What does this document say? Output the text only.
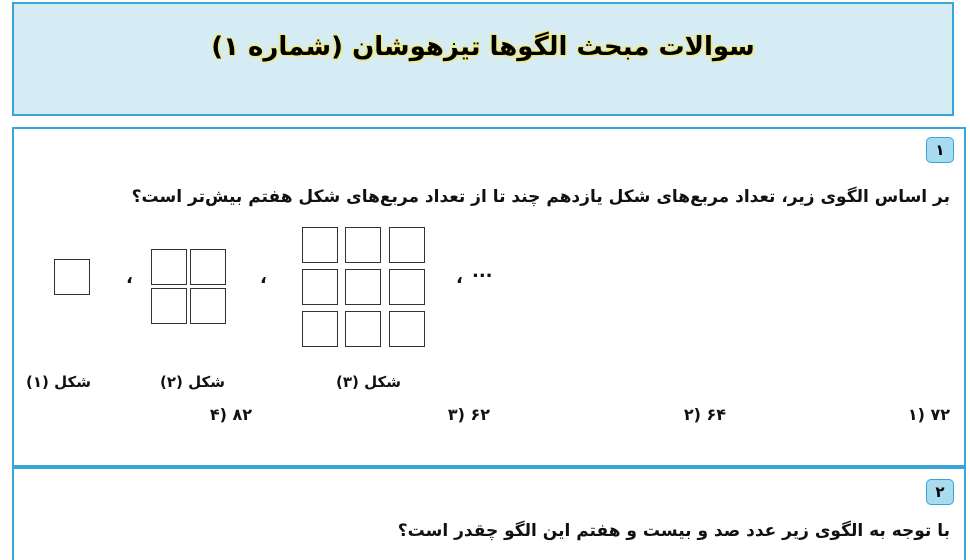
سوالات مبحث الگوها تیزهوشان (شماره ۱)
۱
بر اساس الگوی زیر، تعداد مربع‌های شکل یازدهم چند تا از تعداد مربع‌های شکل هفتم بیش‌تر است؟
،	،	، ...
شکل (۱)	شکل (۲)	شکل (۳)
۷۲ (۱
۶۴ (۲
۶۲ (۳
۸۲ (۴
۲
با توجه به الگوی زیر عدد صد و بیست و هفتم این الگو چقدر است؟
